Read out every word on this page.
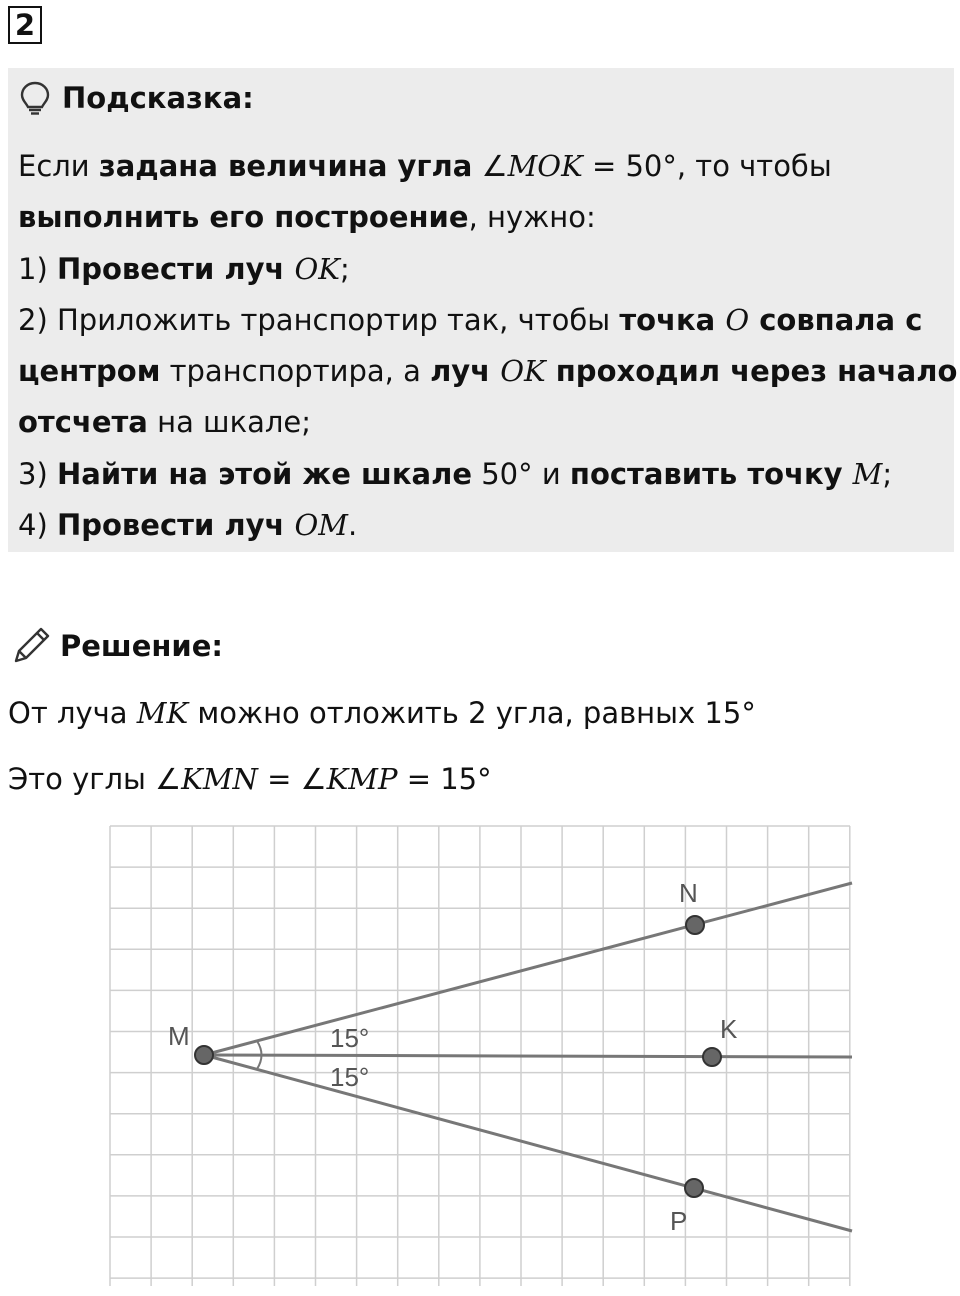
2
Подсказка:
Если задана величина угла ∠MOK = 50°, то чтобы
выполнить его построение, нужно:
1) Провести луч OK;
2) Приложить транспортир так, чтобы точка O совпала с
центром транспортира, а луч OK проходил через начало
отсчета на шкале;
3) Найти на этой же шкале 50° и поставить точку M;
4) Провести луч OM.
Решение:
От луча MK можно отложить 2 угла, равных 15°
Это углы ∠KMN = ∠KMP = 15°
M
N
K
P
15°
15°
